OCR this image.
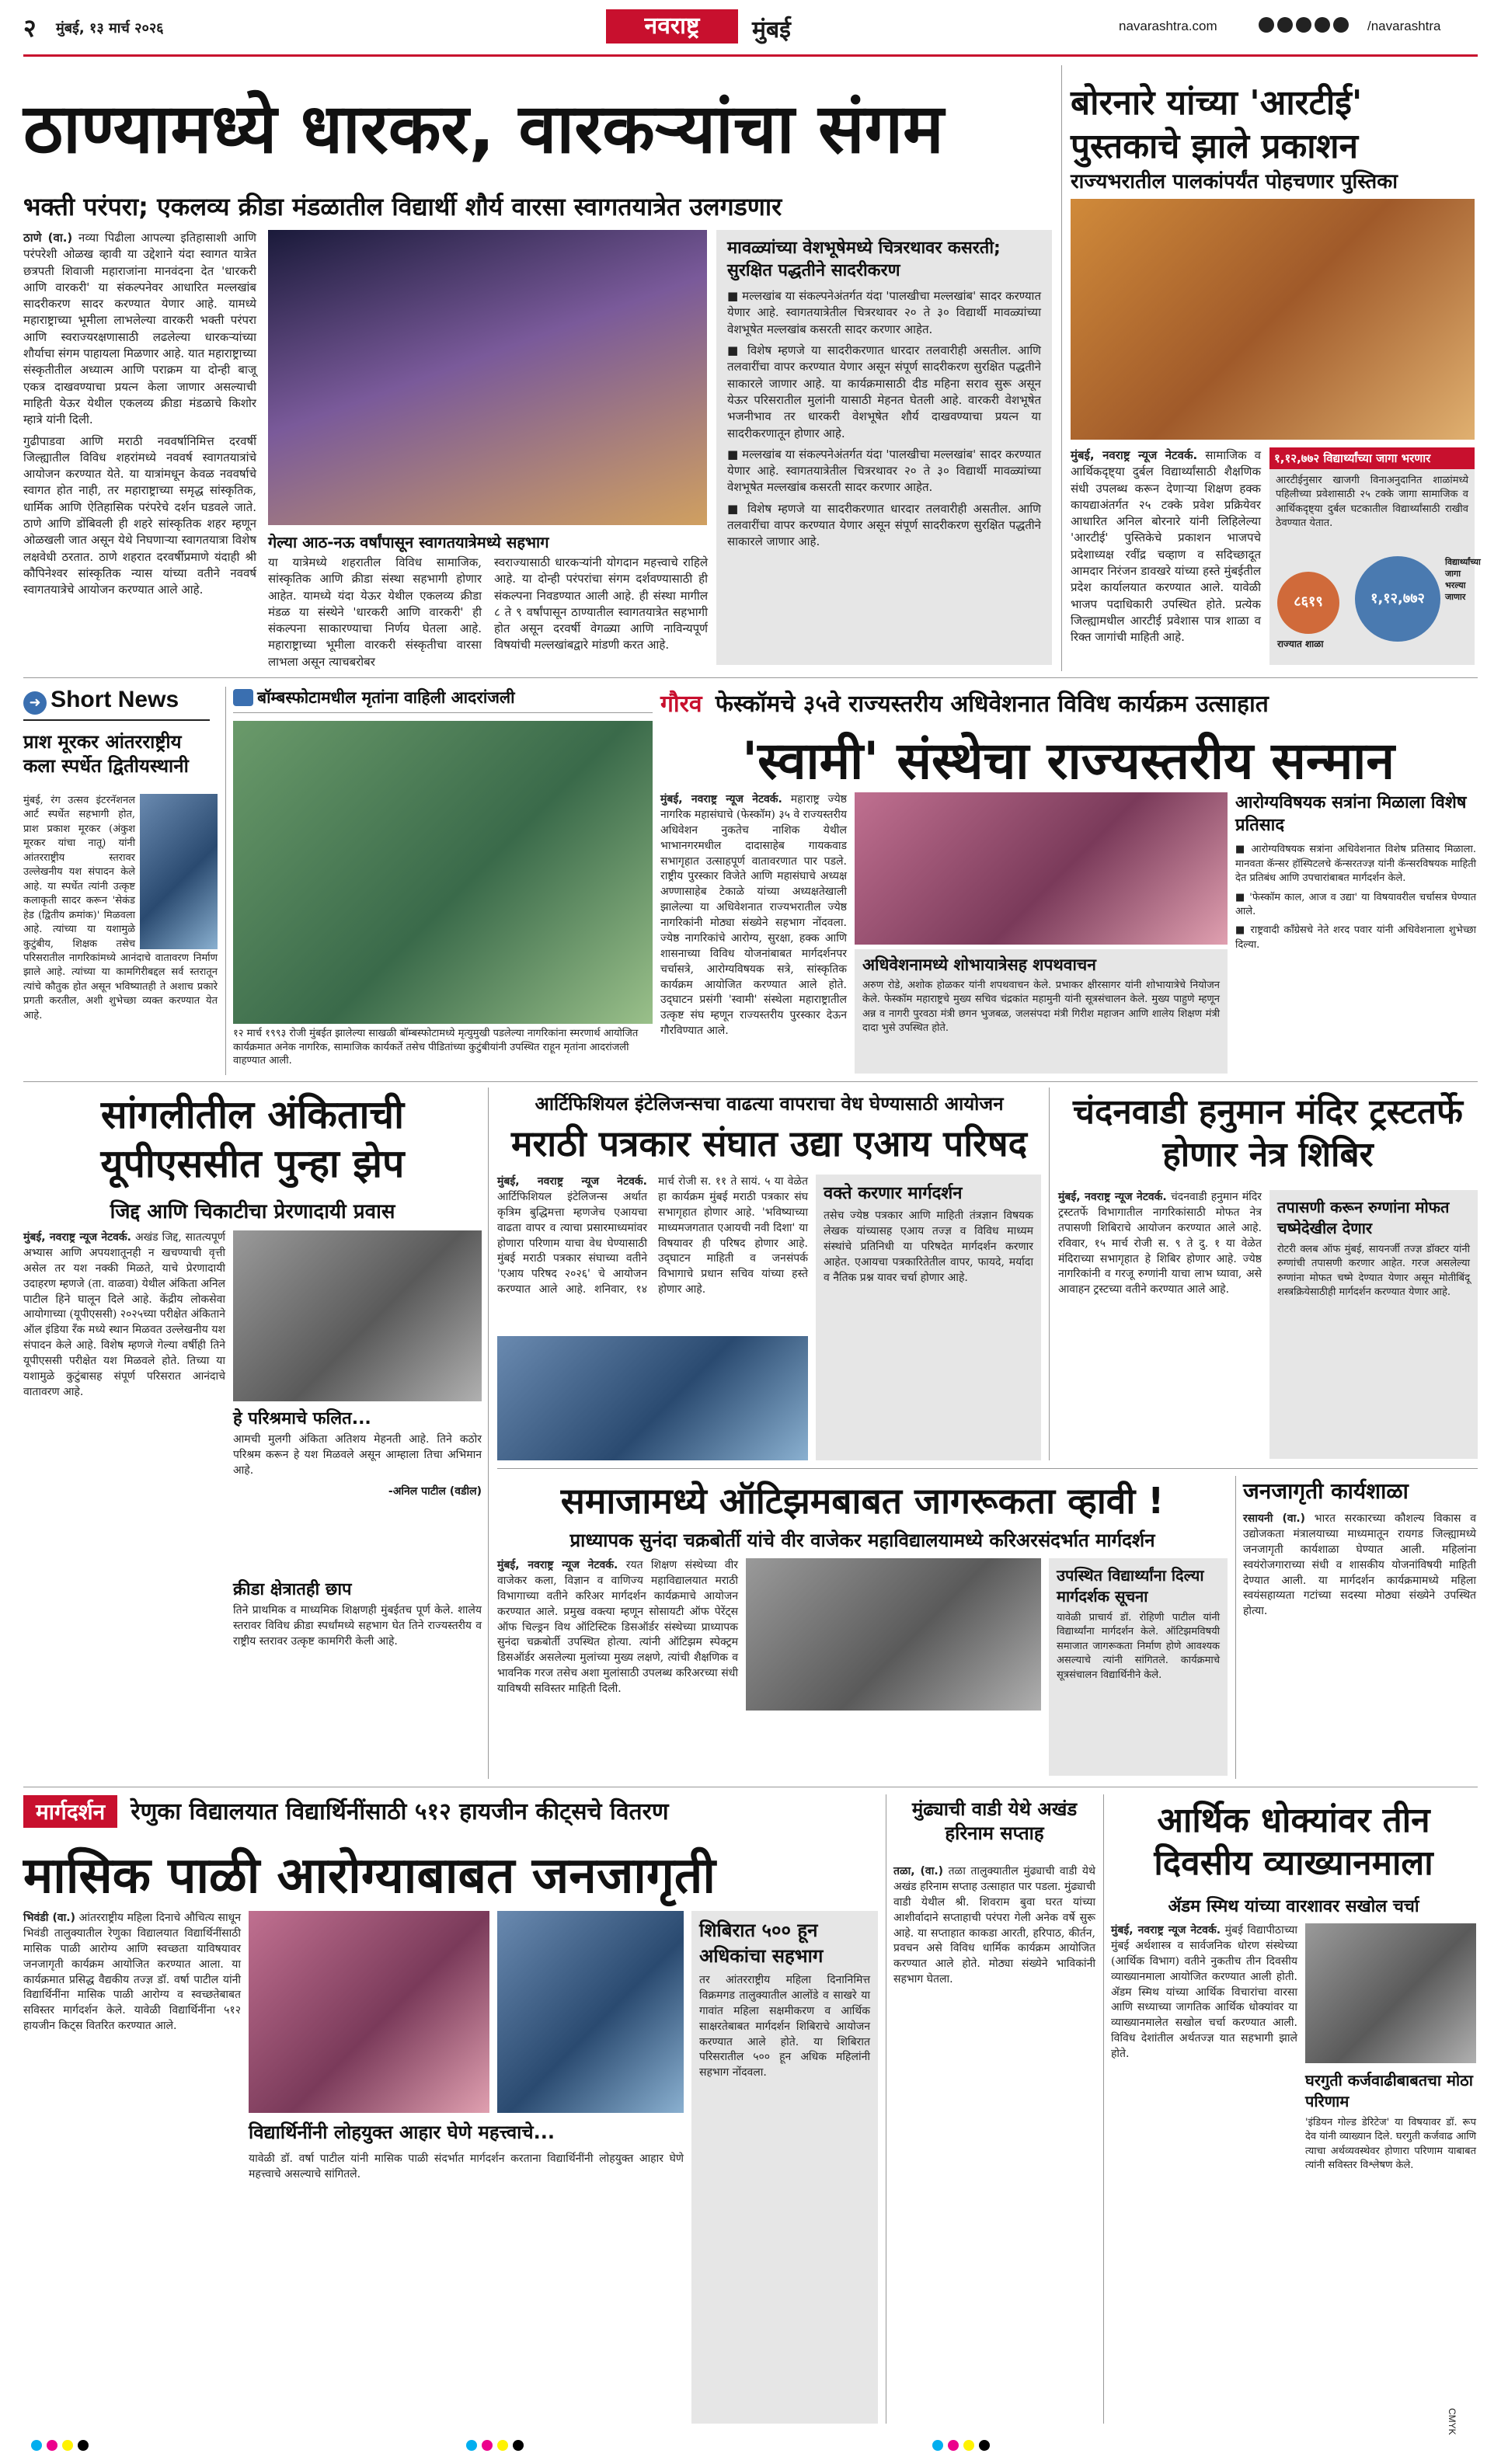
२ मुंबई, १३ मार्च २०२६	नवराष्ट्र	मुंबई	navarashtra.com	/navarashtra
ठाण्यामध्ये धारकर, वारकऱ्यांचा संगम
भक्ती परंपरा; एकलव्य क्रीडा मंडळातील विद्यार्थी शौर्य वारसा स्वागतयात्रेत उलगडणार

ठाणे (वा.) नव्या पिढीला आपल्या इतिहासाशी आणि परंपरेशी ओळख व्हावी या उद्देशाने यंदा स्वागत यात्रेत छत्रपती शिवाजी महाराजांना मानवंदना देत 'धारकरी आणि वारकरी' या संकल्पनेवर आधारित मल्लखांब सादरीकरण सादर करण्यात येणार आहे. यामध्ये महाराष्ट्राच्या भूमीला लाभलेल्या वारकरी भक्ती परंपरा आणि स्वराज्यरक्षणासाठी लढलेल्या धारकऱ्यांच्या शौर्याचा संगम पाहायला मिळणार आहे. यात महाराष्ट्राच्या संस्कृतीतील अध्यात्म आणि पराक्रम या दोन्ही बाजू एकत्र दाखवण्याचा प्रयत्न केला जाणार असल्याची माहिती येऊर येथील एकलव्य क्रीडा मंडळाचे किशोर म्हात्रे यांनी दिली.

गुढीपाडवा आणि मराठी नववर्षानिमित्त दरवर्षी जिल्ह्यातील विविध शहरांमध्ये नववर्ष स्वागतयात्रांचे आयोजन करण्यात येते. या यात्रांमधून केवळ नववर्षाचे स्वागत होत नाही, तर महाराष्ट्राच्या समृद्ध सांस्कृतिक, धार्मिक आणि ऐतिहासिक परंपरेचे दर्शन घडवले जाते. ठाणे आणि डोंबिवली ही शहरे सांस्कृतिक शहर म्हणून ओळखली जात असून येथे निघणाऱ्या स्वागतयात्रा विशेष लक्षवेधी ठरतात. ठाणे शहरात दरवर्षीप्रमाणे यंदाही श्री कौपिनेश्वर सांस्कृतिक न्यास यांच्या वतीने नववर्ष स्वागतयात्रेचे आयोजन करण्यात आले आहे.

गेल्या आठ-नऊ वर्षांपासून स्वागतयात्रेमध्ये सहभाग
या यात्रेमध्ये शहरातील विविध सामाजिक, सांस्कृतिक आणि क्रीडा संस्था सहभागी होणार आहेत. यामध्ये यंदा येऊर येथील एकलव्य क्रीडा मंडळ या संस्थेने 'धारकरी आणि वारकरी' ही संकल्पना साकारण्याचा निर्णय घेतला आहे. महाराष्ट्राच्या भूमीला वारकरी संस्कृतीचा वारसा लाभला असून त्याचबरोबर
स्वराज्यासाठी धारकऱ्यांनी योगदान महत्त्वाचे राहिले आहे. या दोन्ही परंपरांचा संगम दर्शवण्यासाठी ही संकल्पना निवडण्यात आली आहे. ही संस्था मागील ८ ते ९ वर्षांपासून ठाण्यातील स्वागतयात्रेत सहभागी होत असून दरवर्षी वेगळ्या आणि नाविन्यपूर्ण विषयांची मल्लखांबद्वारे मांडणी करत आहे.
मावळ्यांच्या वेशभूषेमध्ये चित्ररथावर कसरती; सुरक्षित पद्धतीने सादरीकरण

■ मल्लखांब या संकल्पनेअंतर्गत यंदा 'पालखीचा मल्लखांब' सादर करण्यात येणार आहे. स्वागतयात्रेतील चित्ररथावर २० ते ३० विद्यार्थी मावळ्यांच्या वेशभूषेत मल्लखांब कसरती सादर करणार आहेत.

■ विशेष म्हणजे या सादरीकरणात धारदार तलवारीही असतील. आणि तलवारींचा वापर करण्यात येणार असून संपूर्ण सादरीकरण सुरक्षित पद्धतीने साकारले जाणार आहे. या कार्यक्रमासाठी दीड महिना सराव सुरू असून येऊर परिसरातील मुलांनी यासाठी मेहनत घेतली आहे. वारकरी वेशभूषेत भजनीभाव तर धारकरी वेशभूषेत शौर्य दाखवण्याचा प्रयत्न या सादरीकरणातून होणार आहे.

■ मल्लखांब या संकल्पनेअंतर्गत यंदा 'पालखीचा मल्लखांब' सादर करण्यात येणार आहे. स्वागतयात्रेतील चित्ररथावर २० ते ३० विद्यार्थी मावळ्यांच्या वेशभूषेत मल्लखांब कसरती सादर करणार आहेत.

■ विशेष म्हणजे या सादरीकरणात धारदार तलवारीही असतील. आणि तलवारींचा वापर करण्यात येणार असून संपूर्ण सादरीकरण सुरक्षित पद्धतीने साकारले जाणार आहे.

बोरनारे यांच्या 'आरटीई'
पुस्तकाचे झाले प्रकाशन
राज्यभरातील पालकांपर्यंत पोहचणार पुस्तिका

मुंबई, नवराष्ट्र न्यूज नेटवर्क. सामाजिक व आर्थिकदृष्ट्या दुर्बल विद्यार्थ्यांसाठी शैक्षणिक संधी उपलब्ध करून देणाऱ्या शिक्षण हक्क कायद्याअंतर्गत २५ टक्के प्रवेश प्रक्रियेवर आधारित अनिल बोरनारे यांनी लिहिलेल्या 'आरटीई' पुस्तिकेचे प्रकाशन भाजपचे प्रदेशाध्यक्ष रवींद्र चव्हाण व सदिच्छादूत आमदार निरंजन डावखरे यांच्या हस्ते मुंबईतील प्रदेश कार्यालयात करण्यात आले. यावेळी भाजप पदाधिकारी उपस्थित होते. प्रत्येक जिल्ह्यामधील आरटीई प्रवेशास पात्र शाळा व रिक्त जागांची माहिती आहे.

१,१२,७७२ विद्यार्थ्यांच्या जागा भरणार

आरटीईनुसार खाजगी विनाअनुदानित शाळांमध्ये पहिलीच्या प्रवेशासाठी २५ टक्के जागा सामाजिक व आर्थिकदृष्ट्या दुर्बल घटकातील विद्यार्थ्यांसाठी राखीव ठेवण्यात येतात.

८६१९
राज्यात शाळा
१,१२,७७२
विद्यार्थ्यांच्या जागा भरल्या जाणार
➜ Short News
प्राश मूरकर आंतरराष्ट्रीय कला स्पर्धेत द्वितीयस्थानी

मुंबई, रंग उत्सव इंटरनॅशनल आर्ट स्पर्धेत सहभागी होत, प्राश प्रकाश मूरकर (अंकुश मूरकर यांचा नातू) यांनी आंतरराष्ट्रीय स्तरावर उल्लेखनीय यश संपादन केले आहे. या स्पर्धेत त्यांनी उत्कृष्ट कलाकृती सादर करून 'सेकंड हेड (द्वितीय क्रमांक)' मिळवला आहे. त्यांच्या या यशामुळे कुटुंबीय, शिक्षक तसेच परिसरातील नागरिकांमध्ये आनंदाचे वातावरण निर्माण झाले आहे. त्यांच्या या कामगिरीबद्दल सर्व स्तरातून त्यांचे कौतुक होत असून भविष्यातही ते अशाच प्रकारे प्रगती करतील, अशी शुभेच्छा व्यक्त करण्यात येत आहे.

बॉम्बस्फोटामधील मृतांना वाहिली आदरांजली
१२ मार्च १९९३ रोजी मुंबईत झालेल्या साखळी बॉम्बस्फोटामध्ये मृत्युमुखी पडलेल्या नागरिकांना स्मरणार्थ आयोजित कार्यक्रमात अनेक नागरिक, सामाजिक कार्यकर्ते तसेच पीडितांच्या कुटुंबीयांनी उपस्थित राहून मृतांना आदरांजली वाहण्यात आली.
गौरव फेस्कॉमचे ३५वे राज्यस्तरीय अधिवेशनात विविध कार्यक्रम उत्साहात
'स्वामी' संस्थेचा राज्यस्तरीय सन्मान

मुंबई, नवराष्ट्र न्यूज नेटवर्क. महाराष्ट्र ज्येष्ठ नागरिक महासंघाचे (फेस्कॉम) ३५ वे राज्यस्तरीय अधिवेशन नुकतेच नाशिक येथील भाभानगरमधील दादासाहेब गायकवाड सभागृहात उत्साहपूर्ण वातावरणात पार पडले. राष्ट्रीय पुरस्कार विजेते आणि महासंघाचे अध्यक्ष अण्णासाहेब टेकाळे यांच्या अध्यक्षतेखाली झालेल्या या अधिवेशनात राज्यभरातील ज्येष्ठ नागरिकांनी मोठ्या संख्येने सहभाग नोंदवला. ज्येष्ठ नागरिकांचे आरोग्य, सुरक्षा, हक्क आणि शासनाच्या विविध योजनांबाबत मार्गदर्शनपर चर्चासत्रे, आरोग्यविषयक सत्रे, सांस्कृतिक कार्यक्रम आयोजित करण्यात आले होते. उद्‌घाटन प्रसंगी 'स्वामी' संस्थेला महाराष्ट्रातील उत्कृष्ट संघ म्हणून राज्यस्तरीय पुरस्कार देऊन गौरविण्यात आले.

अधिवेशनामध्ये शोभायात्रेसह शपथवाचन

अरुण रोडे, अशोक होळकर यांनी शपथवाचन केले. प्रभाकर क्षीरसागर यांनी शोभायात्रेचे नियोजन केले. फेस्कॉम महाराष्ट्रचे मुख्य सचिव चंद्रकांत महामुनी यांनी सूत्रसंचालन केले. मुख्य पाहुणे म्हणून अन्न व नागरी पुरवठा मंत्री छगन भुजबळ, जलसंपदा मंत्री गिरीश महाजन आणि शालेय शिक्षण मंत्री दादा भुसे उपस्थित होते.

आरोग्यविषयक सत्रांना मिळाला विशेष प्रतिसाद

■ आरोग्यविषयक सत्रांना अधिवेशनात विशेष प्रतिसाद मिळाला. मानवता कॅन्सर हॉस्पिटलचे कॅन्सरतज्ज्ञ यांनी कॅन्सरविषयक माहिती देत प्रतिबंध आणि उपचारांबाबत मार्गदर्शन केले.

■ 'फेस्कॉम काल, आज व उद्या' या विषयावरील चर्चासत्र घेण्यात आले.

■ राष्ट्रवादी काँग्रेसचे नेते शरद पवार यांनी अधिवेशनाला शुभेच्छा दिल्या.

सांगलीतील अंकिताची यूपीएससीत पुन्हा झेप
जिद्द आणि चिकाटीचा प्रेरणादायी प्रवास

मुंबई, नवराष्ट्र न्यूज नेटवर्क. अखंड जिद्द, सातत्यपूर्ण अभ्यास आणि अपयशातूनही न खचण्याची वृत्ती असेल तर यश नक्की मिळते, याचे प्रेरणादायी उदाहरण म्हणजे (ता. वाळवा) येथील अंकिता अनिल पाटील हिने घालून दिले आहे. केंद्रीय लोकसेवा आयोगाच्या (यूपीएससी) २०२५च्या परीक्षेत अंकिताने ऑल इंडिया रँक मध्ये स्थान मिळवत उल्लेखनीय यश संपादन केले आहे. विशेष म्हणजे गेल्या वर्षीही तिने यूपीएससी परीक्षेत यश मिळवले होते. तिच्या या यशामुळे कुटुंबासह संपूर्ण परिसरात आनंदाचे वातावरण आहे.

हे परिश्रमाचे फलित...

आमची मुलगी अंकिता अतिशय मेहनती आहे. तिने कठोर परिश्रम करून हे यश मिळवले असून आम्हाला तिचा अभिमान आहे.

-अनिल पाटील (वडील)
क्रीडा क्षेत्रातही छाप

तिने प्राथमिक व माध्यमिक शिक्षणही मुंबईतच पूर्ण केले. शालेय स्तरावर विविध क्रीडा स्पर्धांमध्ये सहभाग घेत तिने राज्यस्तरीय व राष्ट्रीय स्तरावर उत्कृष्ट कामगिरी केली आहे.

आर्टिफिशियल इंटेलिजन्सचा वाढत्या वापराचा वेध घेण्यासाठी आयोजन
मराठी पत्रकार संघात उद्या एआय परिषद

मुंबई, नवराष्ट्र न्यूज नेटवर्क. आर्टिफिशियल इंटेलिजन्स अर्थात कृत्रिम बुद्धिमत्ता म्हणजेच एआयचा वाढता वापर व त्याचा प्रसारमाध्यमांवर होणारा परिणाम याचा वेध घेण्यासाठी मुंबई मराठी पत्रकार संघाच्या वतीने 'एआय परिषद २०२६' चे आयोजन करण्यात आले आहे. शनिवार, १४ मार्च रोजी स. ११ ते सायं. ५ या वेळेत हा कार्यक्रम मुंबई मराठी पत्रकार संघ सभागृहात होणार आहे. 'भविष्याच्या माध्यमजगतात एआयची नवी दिशा' या विषयावर ही परिषद होणार आहे. उद्‌घाटन माहिती व जनसंपर्क विभागाचे प्रधान सचिव यांच्या हस्ते होणार आहे.

वक्ते करणार मार्गदर्शन

तसेच ज्येष्ठ पत्रकार आणि माहिती तंत्रज्ञान विषयक लेखक यांच्यासह एआय तज्ज्ञ व विविध माध्यम संस्थांचे प्रतिनिधी या परिषदेत मार्गदर्शन करणार आहेत. एआयचा पत्रकारितेतील वापर, फायदे, मर्यादा व नैतिक प्रश्न यावर चर्चा होणार आहे.

चंदनवाडी हनुमान मंदिर ट्रस्टतर्फे होणार नेत्र शिबिर

मुंबई, नवराष्ट्र न्यूज नेटवर्क. चंदनवाडी हनुमान मंदिर ट्रस्टतर्फे विभागातील नागरिकांसाठी मोफत नेत्र तपासणी शिबिराचे आयोजन करण्यात आले आहे. रविवार, १५ मार्च रोजी स. ९ ते दु. १ या वेळेत मंदिराच्या सभागृहात हे शिबिर होणार आहे. ज्येष्ठ नागरिकांनी व गरजू रुग्णांनी याचा लाभ घ्यावा, असे आवाहन ट्रस्टच्या वतीने करण्यात आले आहे.

तपासणी करून रुग्णांना मोफत चष्मेदेखील देणार

रोटरी क्लब ऑफ मुंबई, सायनर्जी तज्ज्ञ डॉक्टर यांनी रुग्णांची तपासणी करणार आहेत. गरज असलेल्या रुग्णांना मोफत चष्मे देण्यात येणार असून मोतीबिंदू शस्त्रक्रियेसाठीही मार्गदर्शन करण्यात येणार आहे.

समाजामध्ये ऑटिझमबाबत जागरूकता व्हावी !
प्राध्यापक सुनंदा चक्रबोर्ती यांचे वीर वाजेकर महाविद्यालयामध्ये करिअरसंदर्भात मार्गदर्शन

मुंबई, नवराष्ट्र न्यूज नेटवर्क. रयत शिक्षण संस्थेच्या वीर वाजेकर कला, विज्ञान व वाणिज्य महाविद्यालयात मराठी विभागाच्या वतीने करिअर मार्गदर्शन कार्यक्रमाचे आयोजन करण्यात आले. प्रमुख वक्त्या म्हणून सोसायटी ऑफ पेरेंट्स ऑफ चिल्ड्रन विथ ऑटिस्टिक डिसऑर्डर संस्थेच्या प्राध्यापक सुनंदा चक्रबोर्ती उपस्थित होत्या. त्यांनी ऑटिझम स्पेक्ट्रम डिसऑर्डर असलेल्या मुलांच्या मुख्य लक्षणे, त्यांची शैक्षणिक व भावनिक गरज तसेच अशा मुलांसाठी उपलब्ध करिअरच्या संधी याविषयी सविस्तर माहिती दिली.

उपस्थित विद्यार्थ्यांना दिल्या मार्गदर्शक सूचना

यावेळी प्राचार्य डॉ. रोहिणी पाटील यांनी विद्यार्थ्यांना मार्गदर्शन केले. ऑटिझमविषयी समाजात जागरूकता निर्माण होणे आवश्यक असल्याचे त्यांनी सांगितले. कार्यक्रमाचे सूत्रसंचालन विद्यार्थिनीने केले.

जनजागृती कार्यशाळा

रसायनी (वा.) भारत सरकारच्या कौशल्य विकास व उद्योजकता मंत्रालयाच्या माध्यमातून रायगड जिल्ह्यामध्ये जनजागृती कार्यशाळा घेण्यात आली. महिलांना स्वयंरोजगाराच्या संधी व शासकीय योजनांविषयी माहिती देण्यात आली. या मार्गदर्शन कार्यक्रमामध्ये महिला स्वयंसहाय्यता गटांच्या सदस्या मोठ्या संख्येने उपस्थित होत्या.

मार्गदर्शन रेणुका विद्यालयात विद्यार्थिनींसाठी ५१२ हायजीन कीट्सचे वितरण
मासिक पाळी आरोग्याबाबत जनजागृती

भिवंडी (वा.) आंतरराष्ट्रीय महिला दिनाचे औचित्य साधून भिवंडी तालुक्यातील रेणुका विद्यालयात विद्यार्थिनींसाठी मासिक पाळी आरोग्य आणि स्वच्छता याविषयावर जनजागृती कार्यक्रम आयोजित करण्यात आला. या कार्यक्रमात प्रसिद्ध वैद्यकीय तज्ज्ञ डॉ. वर्षा पाटील यांनी विद्यार्थिनींना मासिक पाळी आरोग्य व स्वच्छतेबाबत सविस्तर मार्गदर्शन केले. यावेळी विद्यार्थिनींना ५१२ हायजीन किट्स वितरित करण्यात आले.

शिबिरात ५०० हून अधिकांचा सहभाग

तर आंतरराष्ट्रीय महिला दिनानिमित्त विक्रमगड तालुक्यातील आलोंडे व साखरे या गावांत महिला सक्षमीकरण व आर्थिक साक्षरतेबाबत मार्गदर्शन शिबिराचे आयोजन करण्यात आले होते. या शिबिरात परिसरातील ५०० हून अधिक महिलांनी सहभाग नोंदवला.

विद्यार्थिनींनी लोहयुक्त आहार घेणे महत्त्वाचे...
यावेळी डॉ. वर्षा पाटील यांनी मासिक पाळी संदर्भात मार्गदर्शन करताना विद्यार्थिनींनी लोहयुक्त आहार घेणे महत्त्वाचे असल्याचे सांगितले.
मुंढ्याची वाडी येथे अखंड हरिनाम सप्ताह

तळा, (वा.) तळा तालुक्यातील मुंढ्याची वाडी येथे अखंड हरिनाम सप्ताह उत्साहात पार पडला. मुंढ्याची वाडी येथील श्री. शिवराम बुवा घरत यांच्या आशीर्वादाने सप्ताहाची परंपरा गेली अनेक वर्षे सुरू आहे. या सप्ताहात काकडा आरती, हरिपाठ, कीर्तन, प्रवचन असे विविध धार्मिक कार्यक्रम आयोजित करण्यात आले होते. मोठ्या संख्येने भाविकांनी सहभाग घेतला.

आर्थिक धोक्यांवर तीन दिवसीय व्याख्यानमाला
ॲडम स्मिथ यांच्या वारशावर सखोल चर्चा

मुंबई, नवराष्ट्र न्यूज नेटवर्क. मुंबई विद्यापीठाच्या मुंबई अर्थशास्त्र व सार्वजनिक धोरण संस्थेच्या (आर्थिक विभाग) वतीने नुकतीच तीन दिवसीय व्याख्यानमाला आयोजित करण्यात आली होती. ॲडम स्मिथ यांच्या आर्थिक विचारांचा वारसा आणि सध्याच्या जागतिक आर्थिक धोक्यांवर या व्याख्यानमालेत सखोल चर्चा करण्यात आली. विविध देशांतील अर्थतज्ज्ञ यात सहभागी झाले होते.

घरगुती कर्जवाढीबाबतचा मोठा परिणाम

'इंडियन गोल्ड डेरिटेज' या विषयावर डॉ. रूप देव यांनी व्याख्यान दिले. घरगुती कर्जवाढ आणि त्याचा अर्थव्यवस्थेवर होणारा परिणाम याबाबत त्यांनी सविस्तर विश्लेषण केले.

CMYK
